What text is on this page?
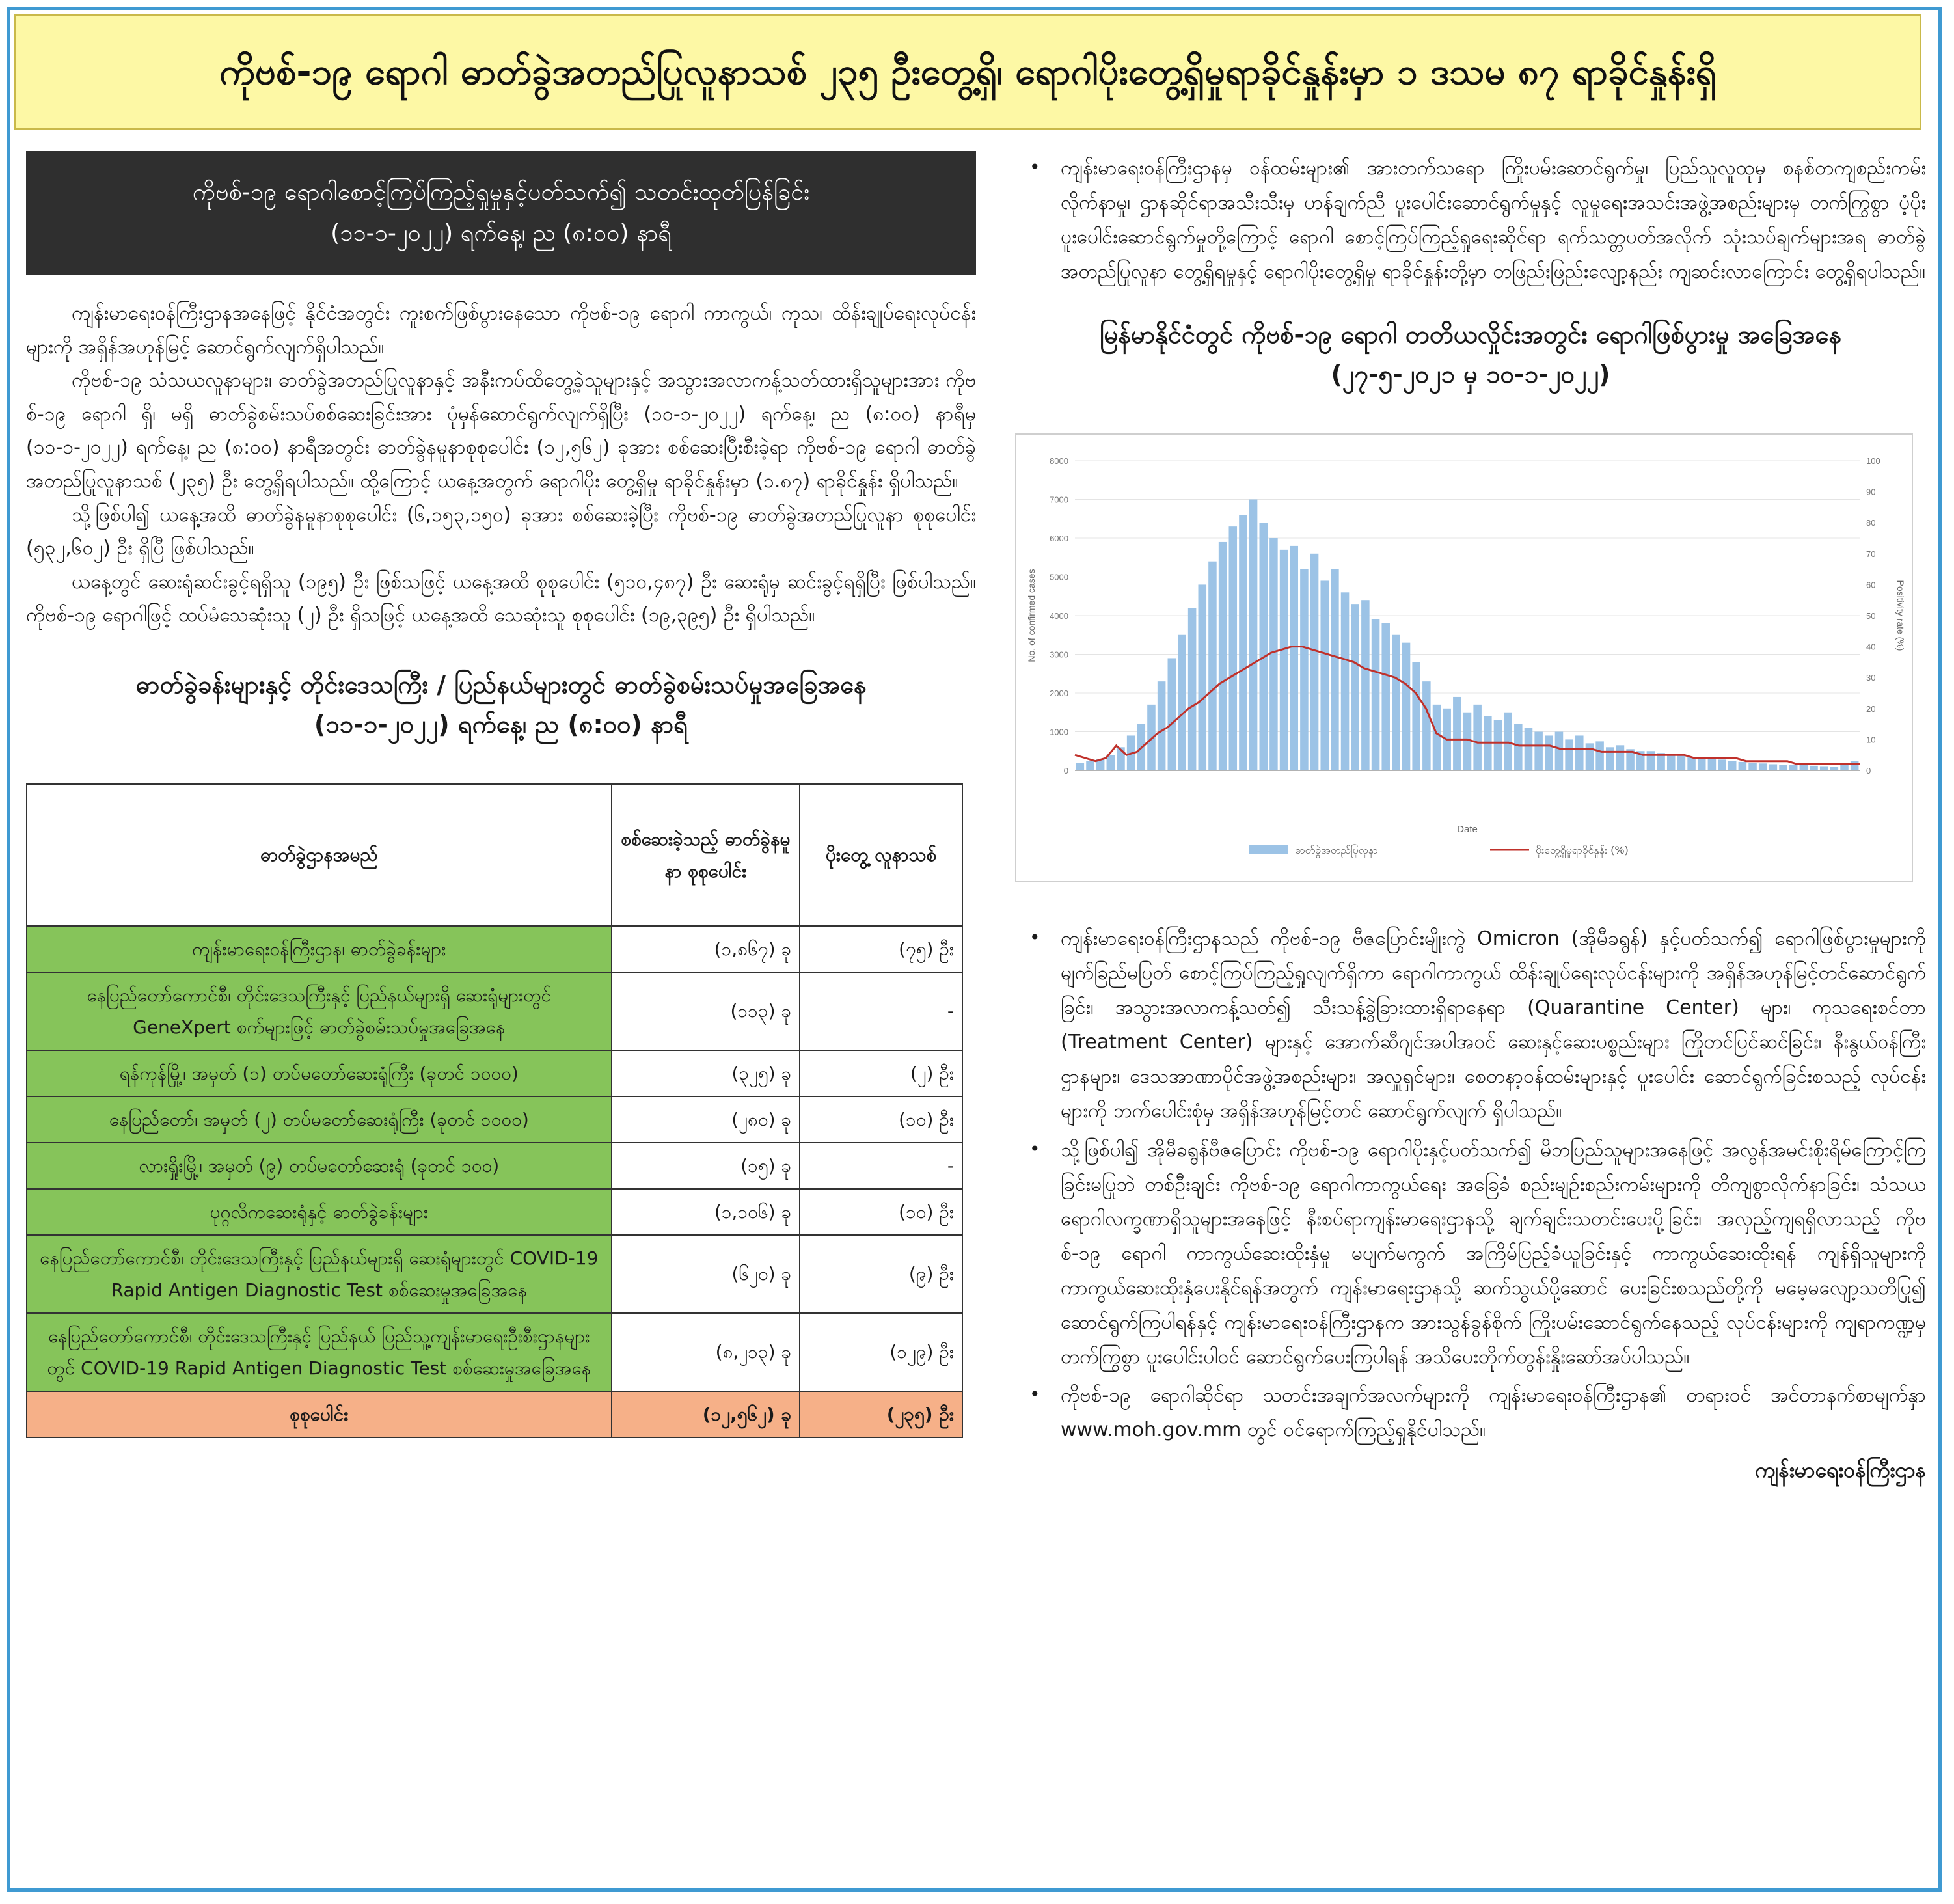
ကိုဗစ်-၁၉ ရောဂါ ဓာတ်ခွဲအတည်ပြုလူနာသစ် ၂၃၅ ဦးတွေ့ရှိ၊ ရောဂါပိုးတွေ့ရှိမှုရာခိုင်နှုန်းမှာ ၁ ဒသမ ၈၇ ရာခိုင်နှုန်းရှိ
ကိုဗစ်-၁၉ ရောဂါစောင့်ကြပ်ကြည့်ရှုမှုနှင့်ပတ်သက်၍ သတင်းထုတ်ပြန်ခြင်း
(၁၁-၁-၂၀၂၂) ရက်နေ့၊ ည (၈:၀၀) နာရီ

ကျန်းမာရေးဝန်ကြီးဌာနအနေဖြင့် နိုင်ငံအတွင်း ကူးစက်ဖြစ်ပွားနေသော ကိုဗစ်-၁၉ ရောဂါ ကာကွယ်၊ ကုသ၊ ထိန်းချုပ်ရေးလုပ်ငန်းများကို အရှိန်အဟုန်မြင့် ဆောင်ရွက်လျက်ရှိပါသည်။

ကိုဗစ်-၁၉ သံသယလူနာများ၊ ဓာတ်ခွဲအတည်ပြုလူနာနှင့် အနီးကပ်ထိတွေ့ခဲ့သူများနှင့် အသွားအလာကန့်သတ်ထားရှိသူများအား ကိုဗစ်-၁၉ ရောဂါ ရှိ၊ မရှိ ဓာတ်ခွဲစမ်းသပ်စစ်ဆေးခြင်းအား ပုံမှန်ဆောင်ရွက်လျက်ရှိပြီး (၁၀-၁-၂၀၂၂) ရက်နေ့၊ ည (၈:၀၀) နာရီမှ (၁၁-၁-၂၀၂၂) ရက်နေ့၊ ည (၈:၀၀) နာရီအတွင်း ဓာတ်ခွဲနမူနာစုစုပေါင်း (၁၂,၅၆၂) ခုအား စစ်ဆေးပြီးစီးခဲ့ရာ ကိုဗစ်-၁၉ ရောဂါ ဓာတ်ခွဲအတည်ပြုလူနာသစ် (၂၃၅) ဦး တွေ့ရှိရပါသည်။ ထို့ကြောင့် ယနေ့အတွက် ရောဂါပိုး တွေ့ရှိမှု ရာခိုင်နှုန်းမှာ (၁.၈၇) ရာခိုင်နှုန်း ရှိပါသည်။

သို့ဖြစ်ပါ၍ ယနေ့အထိ ဓာတ်ခွဲနမူနာစုစုပေါင်း (၆,၁၅၃,၁၅၀) ခုအား စစ်ဆေးခဲ့ပြီး ကိုဗစ်-၁၉ ဓာတ်ခွဲအတည်ပြုလူနာ စုစုပေါင်း (၅၃၂,၆၀၂) ဦး ရှိပြီ ဖြစ်ပါသည်။

ယနေ့တွင် ဆေးရုံဆင်းခွင့်ရရှိသူ (၁၉၅) ဦး ဖြစ်သဖြင့် ယနေ့အထိ စုစုပေါင်း (၅၁၀,၄၈၇) ဦး ဆေးရုံမှ ဆင်းခွင့်ရရှိပြီး ဖြစ်ပါသည်။ ကိုဗစ်-၁၉ ရောဂါဖြင့် ထပ်မံသေဆုံးသူ (၂) ဦး ရှိသဖြင့် ယနေ့အထိ သေဆုံးသူ စုစုပေါင်း (၁၉,၃၉၅) ဦး ရှိပါသည်။

ဓာတ်ခွဲခန်းများနှင့် တိုင်းဒေသကြီး / ပြည်နယ်များတွင် ဓာတ်ခွဲစမ်းသပ်မှုအခြေအနေ
(၁၁-၁-၂၀၂၂) ရက်နေ့၊ ည (၈:၀၀) နာရီ
ဓာတ်ခွဲဌာနအမည်	စစ်ဆေးခဲ့သည့် ဓာတ်ခွဲနမူနာ စုစုပေါင်း	ပိုးတွေ့ လူနာသစ်
ကျန်းမာရေးဝန်ကြီးဌာန၊ ဓာတ်ခွဲခန်းများ	(၁,၈၆၇) ခု	(၇၅) ဦး
နေပြည်တော်ကောင်စီ၊ တိုင်းဒေသကြီးနှင့် ပြည်နယ်များရှိ ဆေးရုံများတွင် GeneXpert စက်များဖြင့် ဓာတ်ခွဲစမ်းသပ်မှုအခြေအနေ	(၁၁၃) ခု	-
ရန်ကုန်မြို့၊ အမှတ် (၁) တပ်မတော်ဆေးရုံကြီး (ခုတင် ၁၀၀၀)	(၃၂၅) ခု	(၂) ဦး
နေပြည်တော်၊ အမှတ် (၂) တပ်မတော်ဆေးရုံကြီး (ခုတင် ၁၀၀၀)	(၂၈၀) ခု	(၁၀) ဦး
လားရှိုးမြို့၊ အမှတ် (၉) တပ်မတော်ဆေးရုံ (ခုတင် ၁၀၀)	(၁၅) ခု	-
ပုဂ္ဂလိကဆေးရုံနှင့် ဓာတ်ခွဲခန်းများ	(၁,၁၀၆) ခု	(၁၀) ဦး
နေပြည်တော်ကောင်စီ၊ တိုင်းဒေသကြီးနှင့် ပြည်နယ်များရှိ ဆေးရုံများတွင် COVID-19 Rapid Antigen Diagnostic Test စစ်ဆေးမှုအခြေအနေ	(၆၂၀) ခု	(၉) ဦး
နေပြည်တော်ကောင်စီ၊ တိုင်းဒေသကြီးနှင့် ပြည်နယ် ပြည်သူ့ကျန်းမာရေးဦးစီးဌာနများတွင် COVID-19 Rapid Antigen Diagnostic Test စစ်ဆေးမှုအခြေအနေ	(၈,၂၁၃) ခု	(၁၂၉) ဦး
စုစုပေါင်း	(၁၂,၅၆၂) ခု	(၂၃၅) ဦး
• ကျန်းမာရေးဝန်ကြီးဌာနမှ ဝန်ထမ်းများ၏ အားတက်သရော ကြိုးပမ်းဆောင်ရွက်မှု၊ ပြည်သူလူထုမှ စနစ်တကျစည်းကမ်းလိုက်နာမှု၊ ဌာနဆိုင်ရာအသီးသီးမှ ဟန်ချက်ညီ ပူးပေါင်းဆောင်ရွက်မှုနှင့် လူမှုရေးအသင်းအဖွဲ့အစည်းများမှ တက်ကြွစွာ ပံ့ပိုးပူးပေါင်းဆောင်ရွက်မှုတို့ကြောင့် ရောဂါ စောင့်ကြပ်ကြည့်ရှုရေးဆိုင်ရာ ရက်သတ္တပတ်အလိုက် သုံးသပ်ချက်များအရ ဓာတ်ခွဲအတည်ပြုလူနာ တွေ့ရှိရမှုနှင့် ရောဂါပိုးတွေ့ရှိမှု ရာခိုင်နှုန်းတို့မှာ တဖြည်းဖြည်းလျော့နည်း ကျဆင်းလာကြောင်း တွေ့ရှိရပါသည်။
မြန်မာနိုင်ငံတွင် ကိုဗစ်-၁၉ ရောဂါ တတိယလှိုင်းအတွင်း ရောဂါဖြစ်ပွားမှု အခြေအနေ
(၂၇-၅-၂၀၂၁ မှ ၁၀-၁-၂၀၂၂)
0
1000
2000
3000
4000
5000
6000
7000
8000
0
10
20
30
40
50
60
70
80
90
100
Date
No. of confirmed cases	Positivity rate (%)
ဓာတ်ခွဲအတည်ပြုလူနာ	ပိုးတွေ့ရှိမှုရာခိုင်နှုန်း (%)
• ကျန်းမာရေးဝန်ကြီးဌာနသည် ကိုဗစ်-၁၉ ဗီဇပြောင်းမျိုးကွဲ Omicron (အိုမီခရွန်) နှင့်ပတ်သက်၍ ရောဂါဖြစ်ပွားမှုများကို မျက်ခြည်မပြတ် စောင့်ကြပ်ကြည့်ရှုလျက်ရှိကာ ရောဂါကာကွယ် ထိန်းချုပ်ရေးလုပ်ငန်းများကို အရှိန်အဟုန်မြင့်တင်ဆောင်ရွက်ခြင်း၊ အသွားအလာကန့်သတ်၍ သီးသန့်ခွဲခြားထားရှိရာနေရာ (Quarantine Center) များ၊ ကုသရေးစင်တာ (Treatment Center) များနှင့် အောက်ဆီဂျင်အပါအဝင် ဆေးနှင့်ဆေးပစ္စည်းများ ကြိုတင်ပြင်ဆင်ခြင်း၊ နီးနွယ်ဝန်ကြီး ဌာနများ၊ ဒေသအာဏာပိုင်အဖွဲ့အစည်းများ၊ အလှူရှင်များ၊ စေတနာ့ဝန်ထမ်းများနှင့် ပူးပေါင်း ဆောင်ရွက်ခြင်းစသည့် လုပ်ငန်းများကို ဘက်ပေါင်းစုံမှ အရှိန်အဟုန်မြင့်တင် ဆောင်ရွက်လျက် ရှိပါသည်။
• သို့ဖြစ်ပါ၍ အိုမီခရွန်ဗီဇပြောင်း ကိုဗစ်-၁၉ ရောဂါပိုးနှင့်ပတ်သက်၍ မိဘပြည်သူများအနေဖြင့် အလွန်အမင်းစိုးရိမ်ကြောင့်ကြခြင်းမပြုဘဲ တစ်ဦးချင်း ကိုဗစ်-၁၉ ရောဂါကာကွယ်ရေး အခြေခံ စည်းမျဉ်းစည်းကမ်းများကို တိကျစွာလိုက်နာခြင်း၊ သံသယရောဂါလက္ခဏာရှိသူများအနေဖြင့် နီးစပ်ရာကျန်းမာရေးဌာနသို့ ချက်ချင်းသတင်းပေးပို့ခြင်း၊ အလှည့်ကျရရှိလာသည့် ကိုဗစ်-၁၉ ရောဂါ ကာကွယ်ဆေးထိုးနှံမှု မပျက်မကွက် အကြိမ်ပြည့်ခံယူခြင်းနှင့် ကာကွယ်ဆေးထိုးရန် ကျန်ရှိသူများကို ကာကွယ်ဆေးထိုးနှံပေးနိုင်ရန်အတွက် ကျန်းမာရေးဌာနသို့ ဆက်သွယ်ပို့ဆောင် ပေးခြင်းစသည်တို့ကို မမေ့မလျော့သတိပြု၍ ဆောင်ရွက်ကြပါရန်နှင့် ကျန်းမာရေးဝန်ကြီးဌာနက အားသွန်ခွန်စိုက် ကြိုးပမ်းဆောင်ရွက်နေသည့် လုပ်ငန်းများကို ကျရာကဏ္ဍမှ တက်ကြွစွာ ပူးပေါင်းပါဝင် ဆောင်ရွက်ပေးကြပါရန် အသိပေးတိုက်တွန်းနှိုးဆော်အပ်ပါသည်။
• ကိုဗစ်-၁၉ ရောဂါဆိုင်ရာ သတင်းအချက်အလက်များကို ကျန်းမာရေးဝန်ကြီးဌာန၏ တရားဝင် အင်တာနက်စာမျက်နှာ www.moh.gov.mm တွင် ဝင်ရောက်ကြည့်ရှုနိုင်ပါသည်။
ကျန်းမာရေးဝန်ကြီးဌာန
